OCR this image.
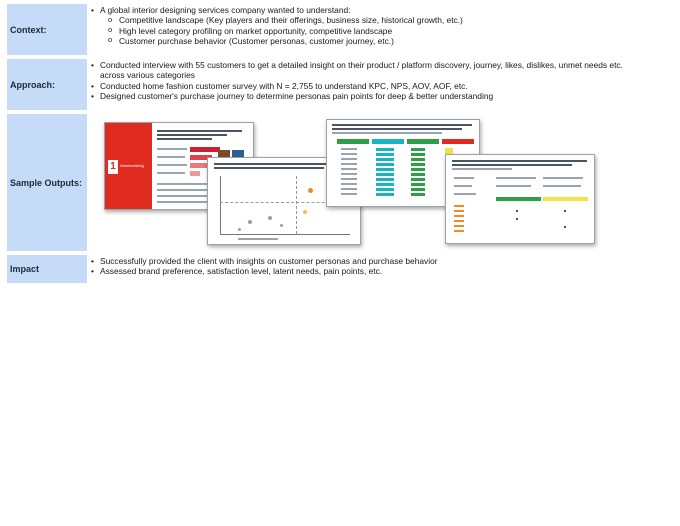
Context:
• A global interior designing services company wanted to understand:
o Competitive landscape (Key players and their offerings, business size, historical growth, etc.)
o High level category profiling on market opportunity, competitive landscape
o Customer purchase behavior (Customer personas, customer journey, etc.)
Approach:
• Conducted interview with 55 customers to get a detailed insight on their product / platform discovery, journey, likes, dislikes, unmet needs etc. across various categories
• Conducted home fashion customer survey with N = 2,755 to understand KPC, NPS, AOV, AOF, etc.
• Designed customer's purchase journey to determine personas pain points for deep & better understanding
Sample Outputs:
1	Homefurnishing
Impact
• Successfully provided the client with insights on customer personas and purchase behavior
• Assessed brand preference, satisfaction level, latent needs, pain points, etc.
